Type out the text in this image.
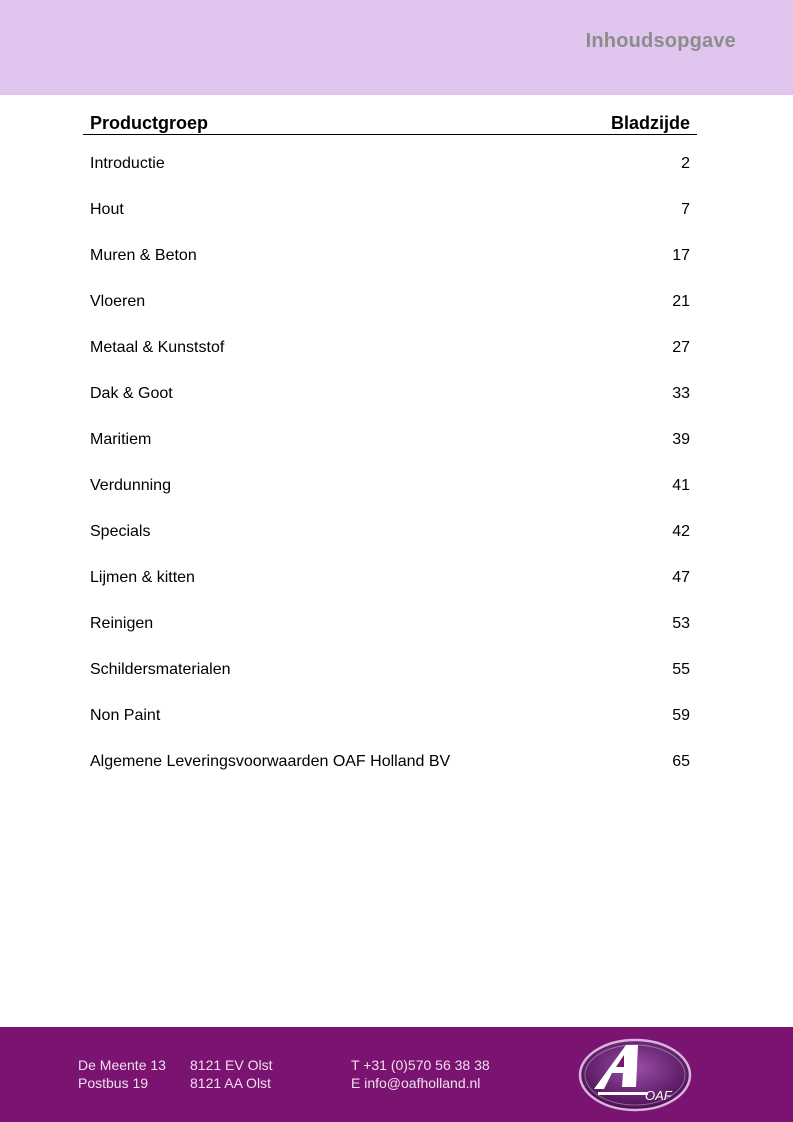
Inhoudsopgave
Productgroep	Bladzijde
Introductie	2
Hout	7
Muren & Beton	17
Vloeren	21
Metaal & Kunststof	27
Dak & Goot	33
Maritiem	39
Verdunning	41
Specials	42
Lijmen & kitten	47
Reinigen	53
Schildersmaterialen	55
Non Paint	59
Algemene Leveringsvoorwaarden OAF Holland BV	65
De Meente 13
Postbus 19
8121 EV Olst
8121 AA Olst
T +31 (0)570 56 38 38
E info@oafholland.nl
OAF
